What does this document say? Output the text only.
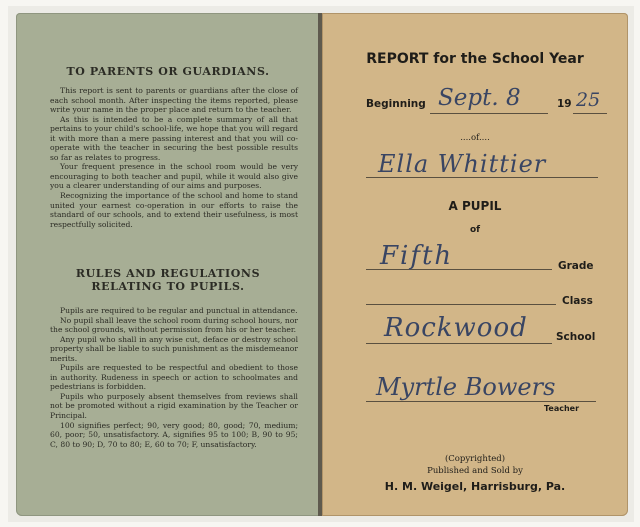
TO PARENTS OR GUARDIANS.

This report is sent to parents or guardians after the close of each school month. After inspecting the items reported, please write your name in the proper place and return to the teacher.

As this is intended to be a complete summary of all that pertains to your child's school-life, we hope that you will regard it with more than a mere passing interest and that you will co-operate with the teacher in securing the best possible results so far as relates to progress.

Your frequent presence in the school room would be very encouraging to both teacher and pupil, while it would also give you a clearer understanding of our aims and purposes.

Recognizing the importance of the school and home to stand united your earnest co-operation in our efforts to raise the standard of our schools, and to extend their usefulness, is most respectfully solicited.

RULES AND REGULATIONS
RELATING TO PUPILS.

Pupils are required to be regular and punctual in attendance.

No pupil shall leave the school room during school hours, nor the school grounds, without permission from his or her teacher.

Any pupil who shall in any wise cut, deface or destroy school property shall be liable to such punishment as the misdemeanor merits.

Pupils are requested to be respectful and obedient to those in authority. Rudeness in speech or action to schoolmates and pedestrians is forbidden.

Pupils who purposely absent themselves from reviews shall not be promoted without a rigid examination by the Teacher or Principal.

100 signifies perfect; 90, very good; 80, good; 70, medium; 60, poor; 50, unsatisfactory. A, signifies 95 to 100; B, 90 to 95; C, 80 to 90; D, 70 to 80; E, 60 to 70; F, unsatisfactory.

REPORT for the School Year
Beginning Sept. 8	19 25
....of....
Ella Whittier
A PUPIL
of
Fifth	Grade
Class
Rockwood	School
Myrtle Bowers
Teacher
(Copyrighted)
Published and Sold by
H. M. Weigel, Harrisburg, Pa.
